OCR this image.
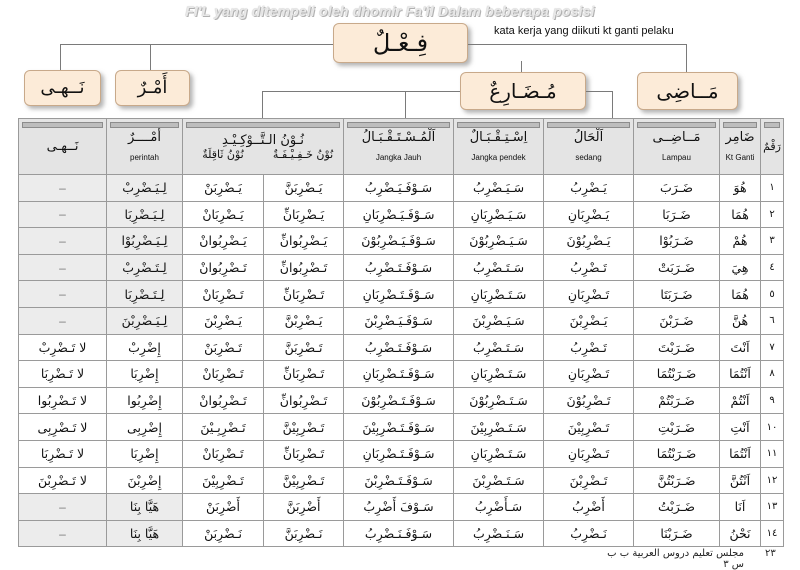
FI'L yang ditempeli oleh dhomir Fa'il Dalam beberapa posisi
kata kerja yang diikuti kt ganti pelaku
فِـعْـلٌ
نَــهـى	أَمْـرٌ	مُـضَـارِعٌ	مَــاضِى
نَــهـى	أَمْــــرٌ
perintah	نُـوْنُ الـتَّــوْكِـيْـدِ
نُوْنُ خَـفِـيْـفَـةٌ
نُوْنُ ثَاقِلَةٌ		اَلْمُـسْـتَـقْـبَـالُ
Jangka Jauh	اِسْـتِـقْـبَـالٌ
Jangka pendek	اَلْحَالُ
sedang	مَــاضِــى
Lampau	ضَامِر
Kt Ganti	رَقْمٌ

–	لِـيَـضْرِبْ	يَـضْرِبَنْ	يَـضْرِبَنَّ	سَـوْفَـيَـضْرِبُ	سَـيَـضْرِبُ	يَـضْرِبُ	ضَـرَبَ	هُوَ	١
–	لِـيَـضْرِبَا	يَـضْرِبَانْ	يَـضْرِبَانِّ	سَـوْفَـيَـضْرِبَانِ	سَـيَـضْرِبَانِ	يَـضْرِبَانِ	ضَـرَبَا	هُمَا	٢
–	لِـيَـضْرِبُوْا	يَـضْرِبُوانْ	يَـضْرِبُوانِّ	سَـوْفَـيَـضْرِبُوْنَ	سَـيَـضْرِبُوْنَ	يَـضْرِبُوْنَ	ضَـرَبُوْا	هُمْ	٣
–	لِـتَـضْرِبْ	تَـضْرِبُوانْ	تَـضْرِبُوانِّ	سَـوْفَـتَـضْرِبُ	سَـتَـضْرِبُ	تَـضْرِبُ	ضَـرَبَتْ	هِيَ	٤
–	لِـتَـضْرِبَا	تَـضْرِبَانْ	تَـضْرِبَانِّ	سَـوْفَـتَـضْرِبَانِ	سَـتَـضْرِبَانِ	تَـضْرِبَانِ	ضَـرَبَتَا	هُمَا	٥
–	لِـيَـضْرِبْنَ	يَـضْرِبْنَ	يَـضْرِبْنَّ	سَـوْفَـيَـضْرِبْنَ	سَـيَـضْرِبْنَ	يَـضْرِبْنَ	ضَـرَبْنَ	هُنَّ	٦
لا تَـضْرِبْ	إِضْرِبْ	تَـضْرِبَنْ	تَـضْرِبَنَّ	سَـوْفَـتَـضْرِبُ	سَـتَـضْرِبُ	تَـضْرِبُ	ضَـرَبْتَ	اَنْتَ	٧
لا تَـضْرِبَا	إِضْرِبَا	تَـضْرِبَانْ	تَـضْرِبَانِّ	سَـوْفَـتَـضْرِبَانِ	سَـتَـضْرِبَانِ	تَـضْرِبَانِ	ضَـرَبْتُمَا	اَنْتُمَا	٨
لا تَـضْرِبُوا	إِضْرِبُوا	تَـضْرِبُوانْ	تَـضْرِبُوانِّ	سَـوْفَـتَـضْرِبُوْنَ	سَـتَـضْرِبُوْنَ	تَـضْرِبُوْنَ	ضَـرَبْتُمْ	اَنْتُمْ	٩
لا تَـضْرِبِى	إِضْرِبِى	تَـضْرِبِـيْنَ	تَـضْرِبِيْنَّ	سَـوْفَـتَـضْرِبِيْنَ	سَـتَـضْرِبِيْنَ	تَـضْرِبِيْنَ	ضَـرَبْتِ	اَنْتِ	١٠
لا تَـضْرِبَا	إِضْرِبَا	تَـضْرِبَانْ	تَـضْرِبَانِّ	سَـوْفَـتَـضْرِبَانِ	سَـتَـضْرِبَانِ	تَـضْرِبَانِ	ضَـرَبْتُمَا	اَنْتُمَا	١١
لا تَـضْرِبْنَ	إِضْرِبْنَ	تَـضْرِبِيْنَ	تَـضْرِبِيْنَّ	سَـوْفَـتَـضْرِبْنَ	سَـتَـضْرِبْنَ	تَـضْرِبْنَ	ضَـرَبْتُنَّ	اَنْتُنَّ	١٢
–	هَيَّا بِنَا	أَضْرِبَنْ	أَضْرِبَنَّ	سَـوْفَ أَضْرِبُ	سَـأَضْرِبُ	أَضْرِبُ	ضَـرَبْتُ	اَنَا	١٣
–	هَيَّا بِنَا	نَـضْرِبَنْ	نَـضْرِبَنَّ	سَـوْفَـنَـضْرِبُ	سَـنَـضْرِبُ	نَـضْرِبُ	ضَـرَبْنَا	نَحْنُ	١٤
مجلس تعليم دروس العربية ب ب س ٣
٢٣
